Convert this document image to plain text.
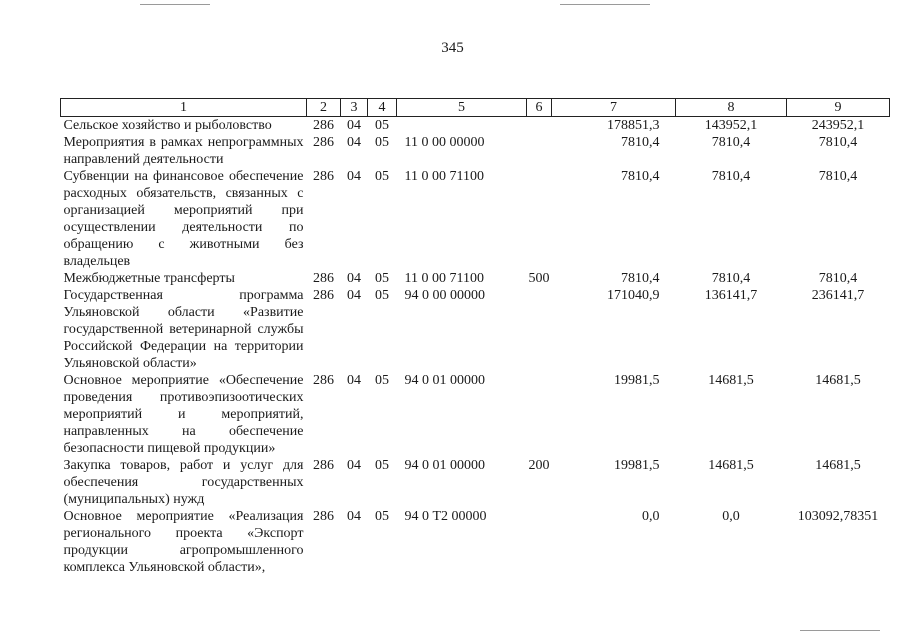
345
1	2	3	4	5	6	7	8	9
Сельское хозяйство и рыболовство	286	04	05			178851,3	143952,1	243952,1
Мероприятия в рамках непрограммных направлений деятельности	286	04	05	11 0 00 00000		7810,4	7810,4	7810,4
Субвенции на финансовое обеспечение расходных обязательств, связанных с организацией мероприятий при осуществлении деятельности по обращению с животными без владельцев	286	04	05	11 0 00 71100		7810,4	7810,4	7810,4
Межбюджетные трансферты	286	04	05	11 0 00 71100	500	7810,4	7810,4	7810,4
Государственная программа Ульяновской области «Развитие государственной ветеринарной службы Российской Федерации на территории Ульяновской области»	286	04	05	94 0 00 00000		171040,9	136141,7	236141,7
Основное мероприятие «Обеспечение проведения противоэпизоотических мероприятий и мероприятий, направленных на обеспечение безопасности пищевой продукции»	286	04	05	94 0 01 00000		19981,5	14681,5	14681,5
Закупка товаров, работ и услуг для обеспечения государственных (муниципальных) нужд	286	04	05	94 0 01 00000	200	19981,5	14681,5	14681,5
Основное мероприятие «Реализация регионального проекта «Экспорт продукции агропромышленного комплекса Ульяновской области»,	286	04	05	94 0 Т2 00000		0,0	0,0	103092,78351
